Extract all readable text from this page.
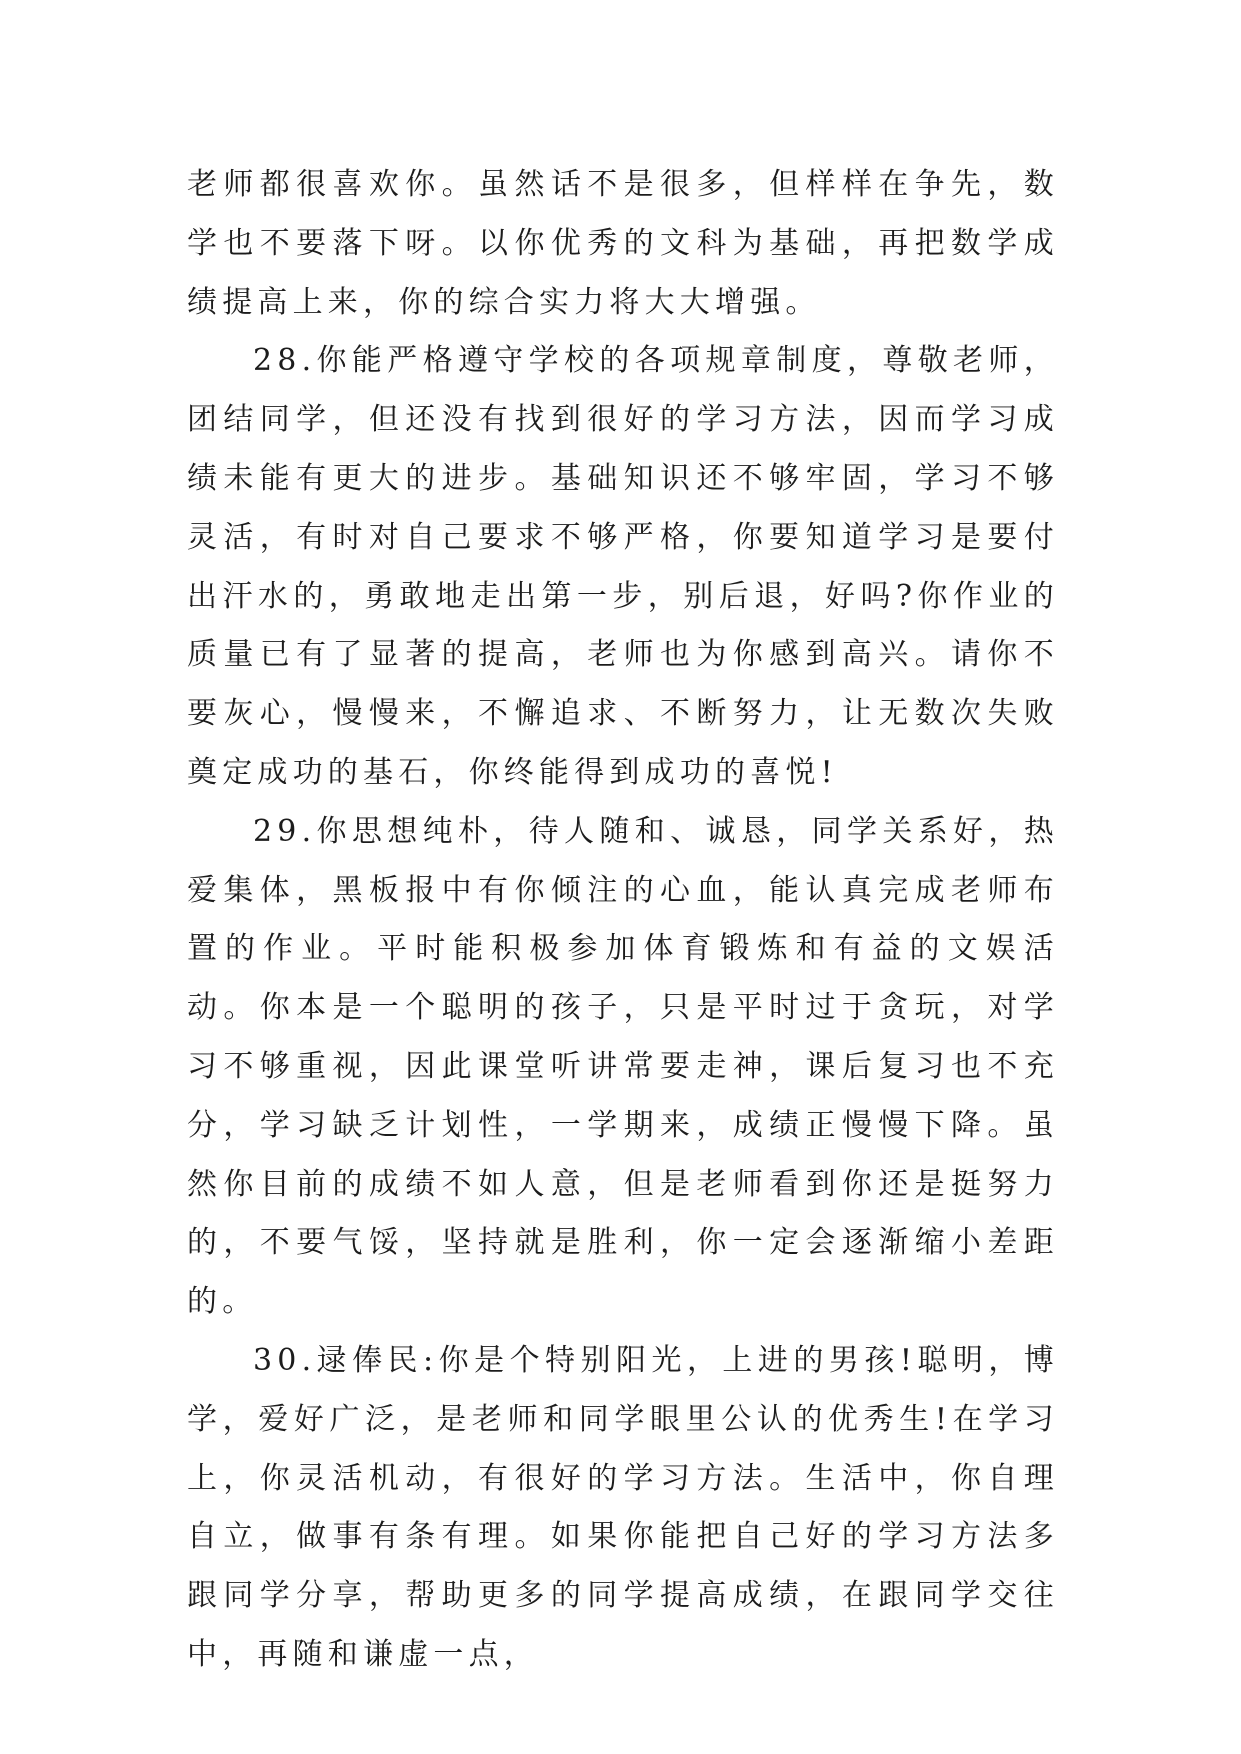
老师都很喜欢你。虽然话不是很多，但样样在争先，数学也不要落下呀。以你优秀的文科为基础，再把数学成绩提高上来，你的综合实力将大大增强。

28.你能严格遵守学校的各项规章制度，尊敬老师，团结同学，但还没有找到很好的学习方法，因而学习成绩未能有更大的进步。基础知识还不够牢固，学习不够灵活，有时对自己要求不够严格，你要知道学习是要付出汗水的，勇敢地走出第一步，别后退，好吗?你作业的质量已有了显著的提高，老师也为你感到高兴。请你不要灰心，慢慢来，不懈追求、不断努力，让无数次失败奠定成功的基石，你终能得到成功的喜悦!

29.你思想纯朴，待人随和、诚恳，同学关系好，热爱集体，黑板报中有你倾注的心血，能认真完成老师布置的作业。平时能积极参加体育锻炼和有益的文娱活动。你本是一个聪明的孩子，只是平时过于贪玩，对学习不够重视，因此课堂听讲常要走神，课后复习也不充分，学习缺乏计划性，一学期来，成绩正慢慢下降。虽然你目前的成绩不如人意，但是老师看到你还是挺努力的，不要气馁，坚持就是胜利，你一定会逐渐缩小差距的。

30.逯俸民:你是个特别阳光，上进的男孩!聪明，博学，爱好广泛，是老师和同学眼里公认的优秀生!在学习上，你灵活机动，有很好的学习方法。生活中，你自理自立，做事有条有理。如果你能把自己好的学习方法多跟同学分享，帮助更多的同学提高成绩，在跟同学交往中，再随和谦虚一点，
